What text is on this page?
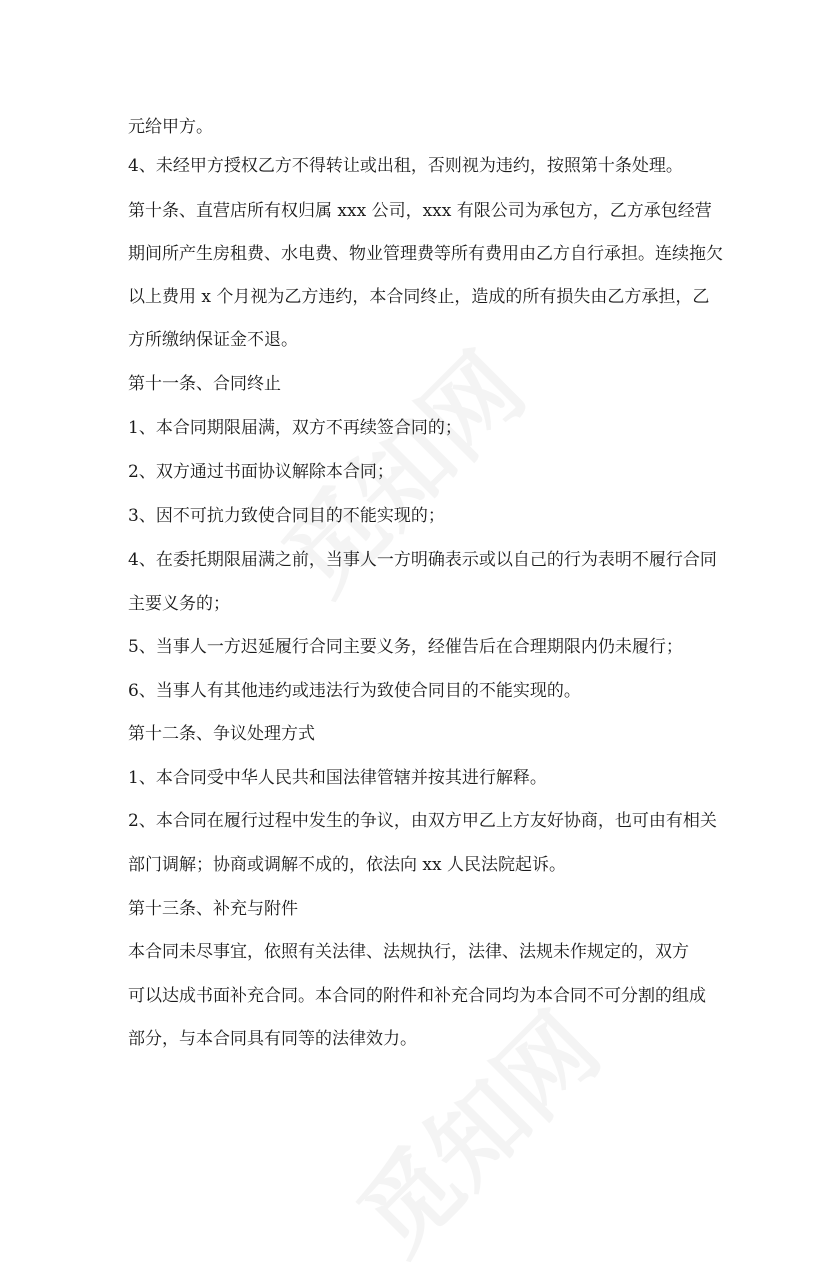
元给甲方。

4、未经甲方授权乙方不得转让或出租，否则视为违约，按照第十条处理。

第十条、直营店所有权归属 xxx 公司，xxx 有限公司为承包方，乙方承包经营

期间所产生房租费、水电费、物业管理费等所有费用由乙方自行承担。连续拖欠

以上费用 x 个月视为乙方违约，本合同终止，造成的所有损失由乙方承担，乙

方所缴纳保证金不退。

第十一条、合同终止

1、本合同期限届满，双方不再续签合同的；

2、双方通过书面协议解除本合同；

3、因不可抗力致使合同目的不能实现的；

4、在委托期限届满之前，当事人一方明确表示或以自己的行为表明不履行合同

主要义务的；

5、当事人一方迟延履行合同主要义务，经催告后在合理期限内仍未履行；

6、当事人有其他违约或违法行为致使合同目的不能实现的。

第十二条、争议处理方式

1、本合同受中华人民共和国法律管辖并按其进行解释。

2、本合同在履行过程中发生的争议，由双方甲乙上方友好协商，也可由有相关

部门调解；协商或调解不成的，依法向 xx 人民法院起诉。

第十三条、补充与附件

本合同未尽事宜，依照有关法律、法规执行，法律、法规未作规定的，双方

可以达成书面补充合同。本合同的附件和补充合同均为本合同不可分割的组成

部分，与本合同具有同等的法律效力。
